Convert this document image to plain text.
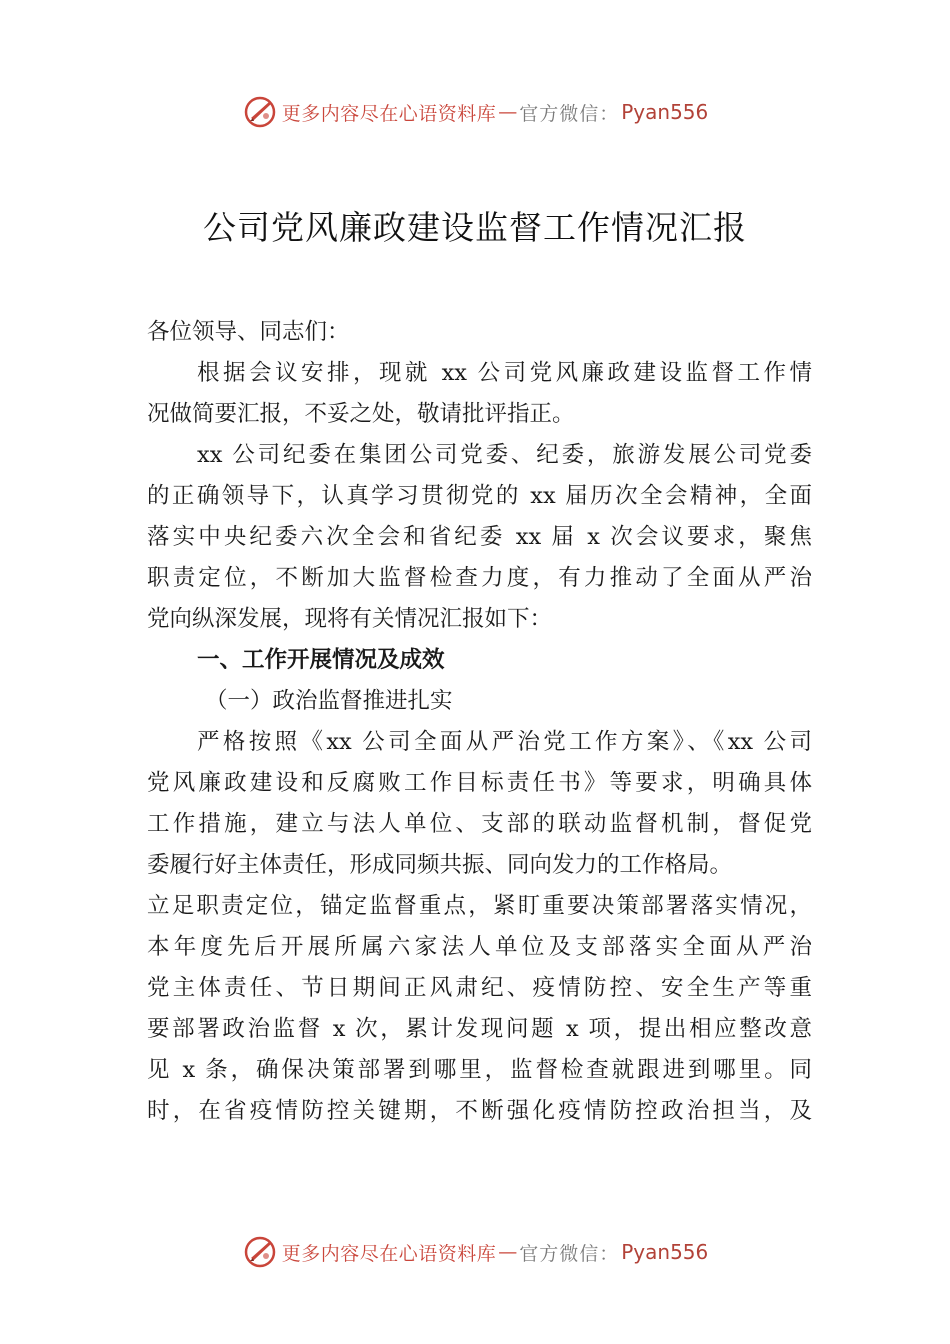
更多内容尽在心语资料库 — 官方微信： Pyan556
公司党风廉政建设监督工作情况汇报
各位领导、同志们：
根据会议安排，现就 xx 公司党风廉政建设监督工作情
况做简要汇报，不妥之处，敬请批评指正。
xx 公司纪委在集团公司党委、纪委，旅游发展公司党委
的正确领导下，认真学习贯彻党的 xx 届历次全会精神，全面
落实中央纪委六次全会和省纪委 xx 届 x 次会议要求，聚焦
职责定位，不断加大监督检查力度，有力推动了全面从严治
党向纵深发展，现将有关情况汇报如下：
一、工作开展情况及成效
（一）政治监督推进扎实
严格按照《xx 公司全面从严治党工作方案》、《xx 公司
党风廉政建设和反腐败工作目标责任书》等要求，明确具体
工作措施，建立与法人单位、支部的联动监督机制，督促党
委履行好主体责任，形成同频共振、同向发力的工作格局。
立足职责定位，锚定监督重点，紧盯重要决策部署落实情况，
本年度先后开展所属六家法人单位及支部落实全面从严治
党主体责任、节日期间正风肃纪、疫情防控、安全生产等重
要部署政治监督 x 次，累计发现问题 x 项，提出相应整改意
见 x 条，确保决策部署到哪里，监督检查就跟进到哪里。同
时，在省疫情防控关键期，不断强化疫情防控政治担当，及
更多内容尽在心语资料库 — 官方微信： Pyan556
